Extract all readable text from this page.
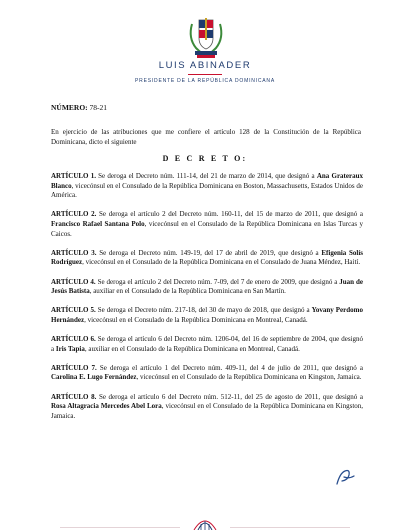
LUIS ABINADER
PRESIDENTE DE LA REPÚBLICA DOMINICANA
NÚMERO: 78-21
En ejercicio de las atribuciones que me confiere el artículo 128 de la Constitución de la República Dominicana, dicto el siguiente
D E C R E T O:

ARTÍCULO 1. Se deroga el Decreto núm. 111-14, del 21 de marzo de 2014, que designó a Ana Grateraux Blanco, vicecónsul en el Consulado de la República Dominicana en Boston, Massachusetts, Estados Unidos de América.

ARTÍCULO 2. Se deroga el artículo 2 del Decreto núm. 160-11, del 15 de marzo de 2011, que designó a Francisco Rafael Santana Polo, vicecónsul en el Consulado de la República Dominicana en Islas Turcas y Caicos.

ARTÍCULO 3. Se deroga el Decreto núm. 149-19, del 17 de abril de 2019, que designó a Efigenia Solís Rodríguez, vicecónsul en el Consulado de la República Dominicana en el Consulado de Juana Méndez, Haití.

ARTÍCULO 4. Se deroga el artículo 2 del Decreto núm. 7-09, del 7 de enero de 2009, que designó a Juan de Jesús Batista, auxiliar en el Consulado de la República Dominicana en San Martín.

ARTÍCULO 5. Se deroga el Decreto núm. 217-18, del 30 de mayo de 2018, que designó a Yovany Perdomo Hernández, vicecónsul en el Consulado de la República Dominicana en Montreal, Canadá.

ARTÍCULO 6. Se deroga el artículo 6 del Decreto núm. 1206-04, del 16 de septiembre de 2004, que designó a Iris Tapia, auxiliar en el Consulado de la República Dominicana en Montreal, Canadá.

ARTÍCULO 7. Se deroga el artículo 1 del Decreto núm. 409-11, del 4 de julio de 2011, que designó a Carolina E. Lugo Fernández, vicecónsul en el Consulado de la República Dominicana en Kingston, Jamaica.

ARTÍCULO 8. Se deroga el artículo 6 del Decreto núm. 512-11, del 25 de agosto de 2011, que designó a Rosa Altagracia Mercedes Abel Lora, vicecónsul en el Consulado de la República Dominicana en Kingston, Jamaica.
